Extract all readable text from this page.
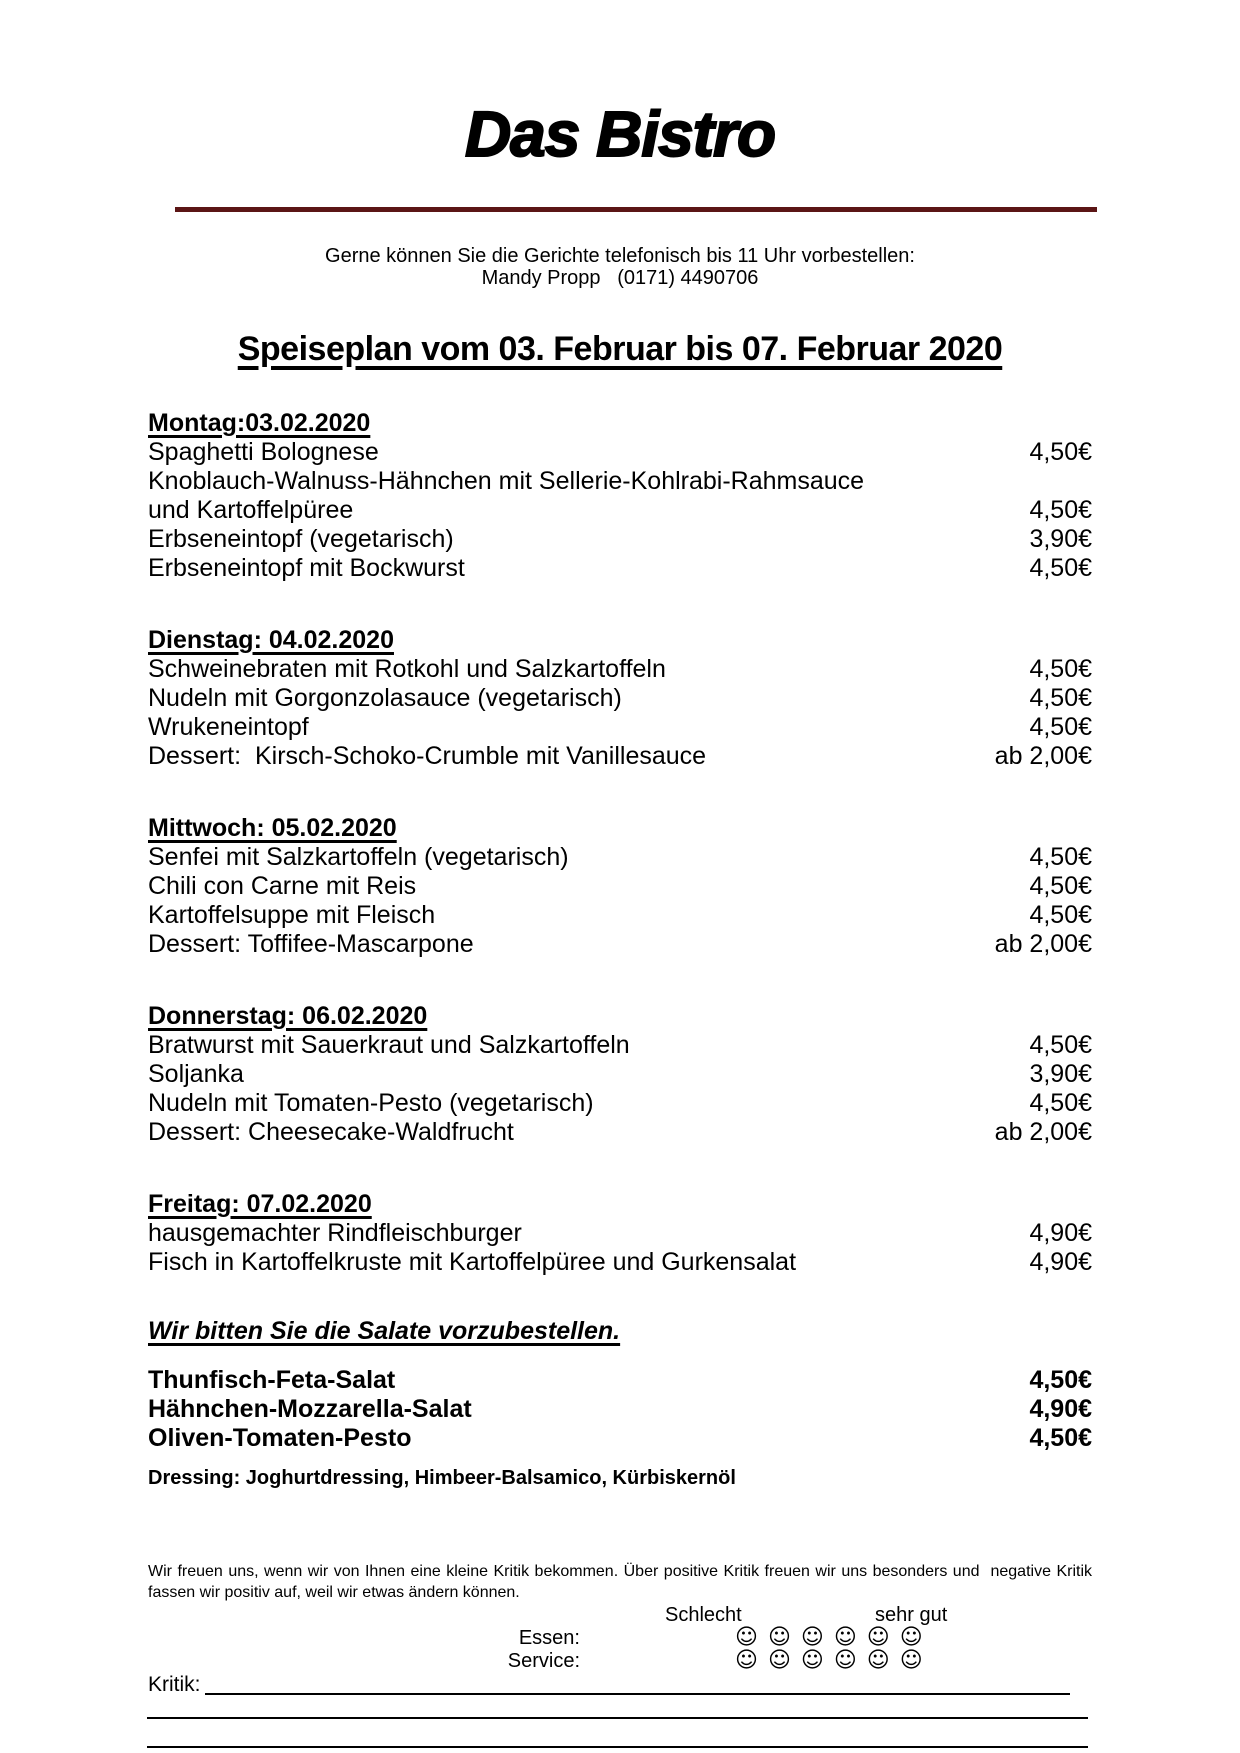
Das Bistro

Gerne können Sie die Gerichte telefonisch bis 11 Uhr vorbestellen:

Mandy Propp   (0171) 4490706

Speiseplan vom 03. Februar bis 07. Februar 2020
Montag:03.02.2020
Spaghetti Bolognese	4,50€
Knoblauch-Walnuss-Hähnchen mit Sellerie-Kohlrabi-Rahmsauce
und Kartoffelpüree	4,50€
Erbseneintopf (vegetarisch)	3,90€
Erbseneintopf mit Bockwurst	4,50€
Dienstag: 04.02.2020
Schweinebraten mit Rotkohl und Salzkartoffeln	4,50€
Nudeln mit Gorgonzolasauce (vegetarisch)	4,50€
Wrukeneintopf	4,50€
Dessert:  Kirsch-Schoko-Crumble mit Vanillesauce	ab 2,00€
Mittwoch: 05.02.2020
Senfei mit Salzkartoffeln (vegetarisch)	4,50€
Chili con Carne mit Reis	4,50€
Kartoffelsuppe mit Fleisch	4,50€
Dessert: Toffifee-Mascarpone	ab 2,00€
Donnerstag: 06.02.2020
Bratwurst mit Sauerkraut und Salzkartoffeln	4,50€
Soljanka	3,90€
Nudeln mit Tomaten-Pesto (vegetarisch)	4,50€
Dessert: Cheesecake-Waldfrucht	ab 2,00€
Freitag: 07.02.2020
hausgemachter Rindfleischburger	4,90€
Fisch in Kartoffelkruste mit Kartoffelpüree und Gurkensalat	4,90€
Wir bitten Sie die Salate vorzubestellen.
Thunfisch-Feta-Salat	4,50€
Hähnchen-Mozzarella-Salat	4,90€
Oliven-Tomaten-Pesto	4,50€

Dressing: Joghurtdressing, Himbeer-Balsamico, Kürbiskernöl

Wir freuen uns, wenn wir von Ihnen eine kleine Kritik bekommen. Über positive Kritik freuen wir uns besonders und  negative Kritik fassen wir positiv auf, weil wir etwas ändern können.

Schlecht	sehr gut
Essen:	☺ ☺ ☺ ☺ ☺ ☺
Service:	☺ ☺ ☺ ☺ ☺ ☺
Kritik:
